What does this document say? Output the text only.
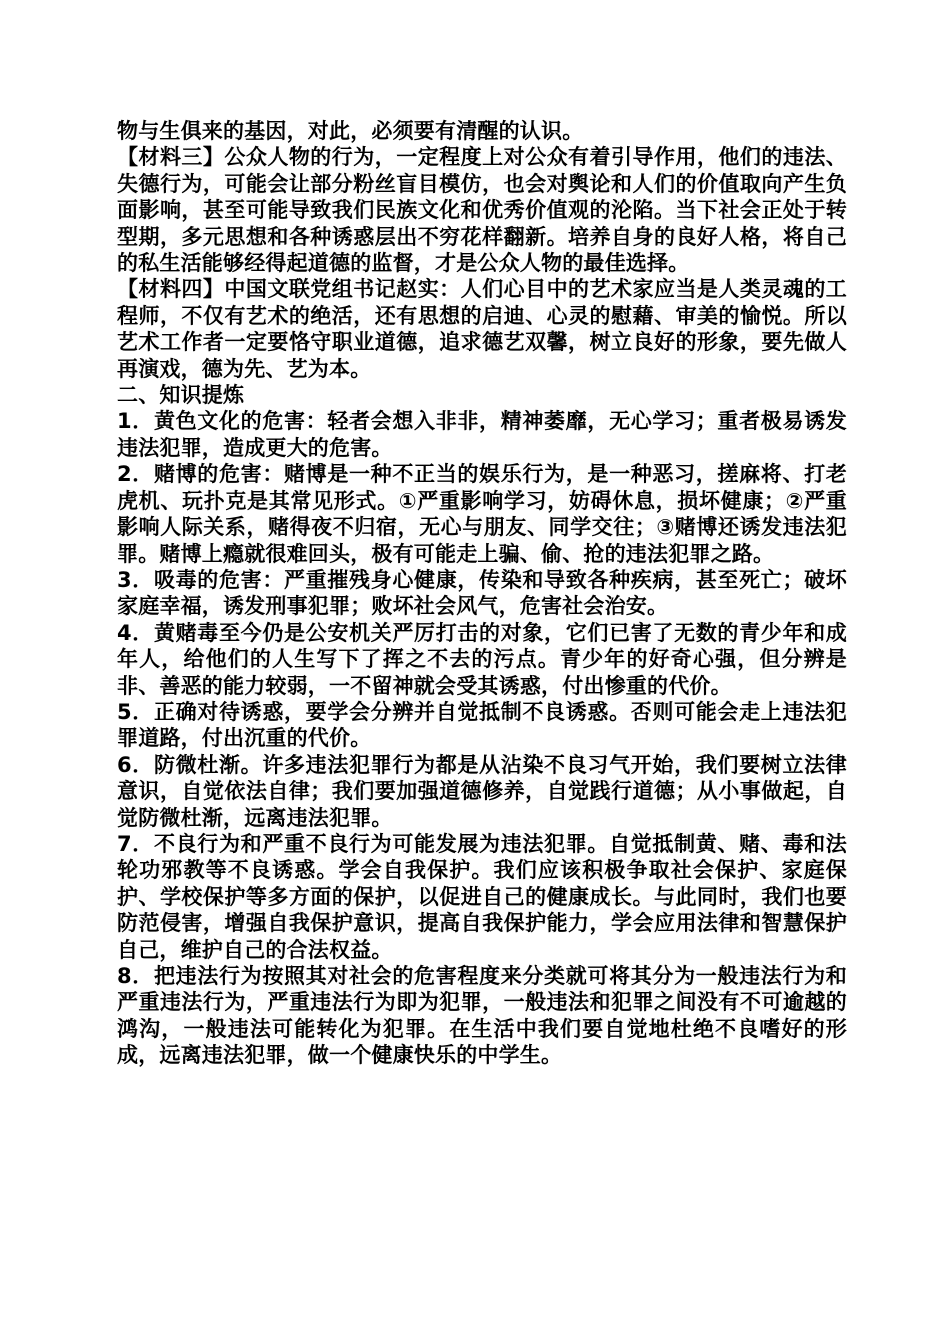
物与生俱来的基因，对此，必须要有清醒的认识。

【材料三】公众人物的行为，一定程度上对公众有着引导作用，他们的违法、失德行为，可能会让部分粉丝盲目模仿，也会对舆论和人们的价值取向产生负面影响，甚至可能导致我们民族文化和优秀价值观的沦陷。当下社会正处于转型期，多元思想和各种诱惑层出不穷花样翻新。培养自身的良好人格，将自己的私生活能够经得起道德的监督，才是公众人物的最佳选择。

【材料四】中国文联党组书记赵实：人们心目中的艺术家应当是人类灵魂的工程师，不仅有艺术的绝活，还有思想的启迪、心灵的慰藉、审美的愉悦。所以艺术工作者一定要恪守职业道德，追求德艺双馨，树立良好的形象，要先做人再演戏，德为先、艺为本。

二、知识提炼

1．黄色文化的危害：轻者会想入非非，精神萎靡，无心学习；重者极易诱发违法犯罪，造成更大的危害。

2．赌博的危害：赌博是一种不正当的娱乐行为，是一种恶习，搓麻将、打老虎机、玩扑克是其常见形式。①严重影响学习，妨碍休息，损坏健康；②严重影响人际关系，赌得夜不归宿，无心与朋友、同学交往；③赌博还诱发违法犯罪。赌博上瘾就很难回头，极有可能走上骗、偷、抢的违法犯罪之路。

3．吸毒的危害：严重摧残身心健康，传染和导致各种疾病，甚至死亡；破坏家庭幸福，诱发刑事犯罪；败坏社会风气，危害社会治安。

4．黄赌毒至今仍是公安机关严厉打击的对象，它们已害了无数的青少年和成年人，给他们的人生写下了挥之不去的污点。青少年的好奇心强，但分辨是非、善恶的能力较弱，一不留神就会受其诱惑，付出惨重的代价。

5．正确对待诱惑，要学会分辨并自觉抵制不良诱惑。否则可能会走上违法犯罪道路，付出沉重的代价。

6．防微杜渐。许多违法犯罪行为都是从沾染不良习气开始，我们要树立法律意识，自觉依法自律；我们要加强道德修养，自觉践行道德；从小事做起，自觉防微杜渐，远离违法犯罪。

7．不良行为和严重不良行为可能发展为违法犯罪。自觉抵制黄、赌、毒和法轮功邪教等不良诱惑。学会自我保护。我们应该积极争取社会保护、家庭保护、学校保护等多方面的保护，以促进自己的健康成长。与此同时，我们也要防范侵害，增强自我保护意识，提高自我保护能力，学会应用法律和智慧保护自己，维护自己的合法权益。

8．把违法行为按照其对社会的危害程度来分类就可将其分为一般违法行为和严重违法行为，严重违法行为即为犯罪，一般违法和犯罪之间没有不可逾越的鸿沟，一般违法可能转化为犯罪。在生活中我们要自觉地杜绝不良嗜好的形成，远离违法犯罪，做一个健康快乐的中学生。
